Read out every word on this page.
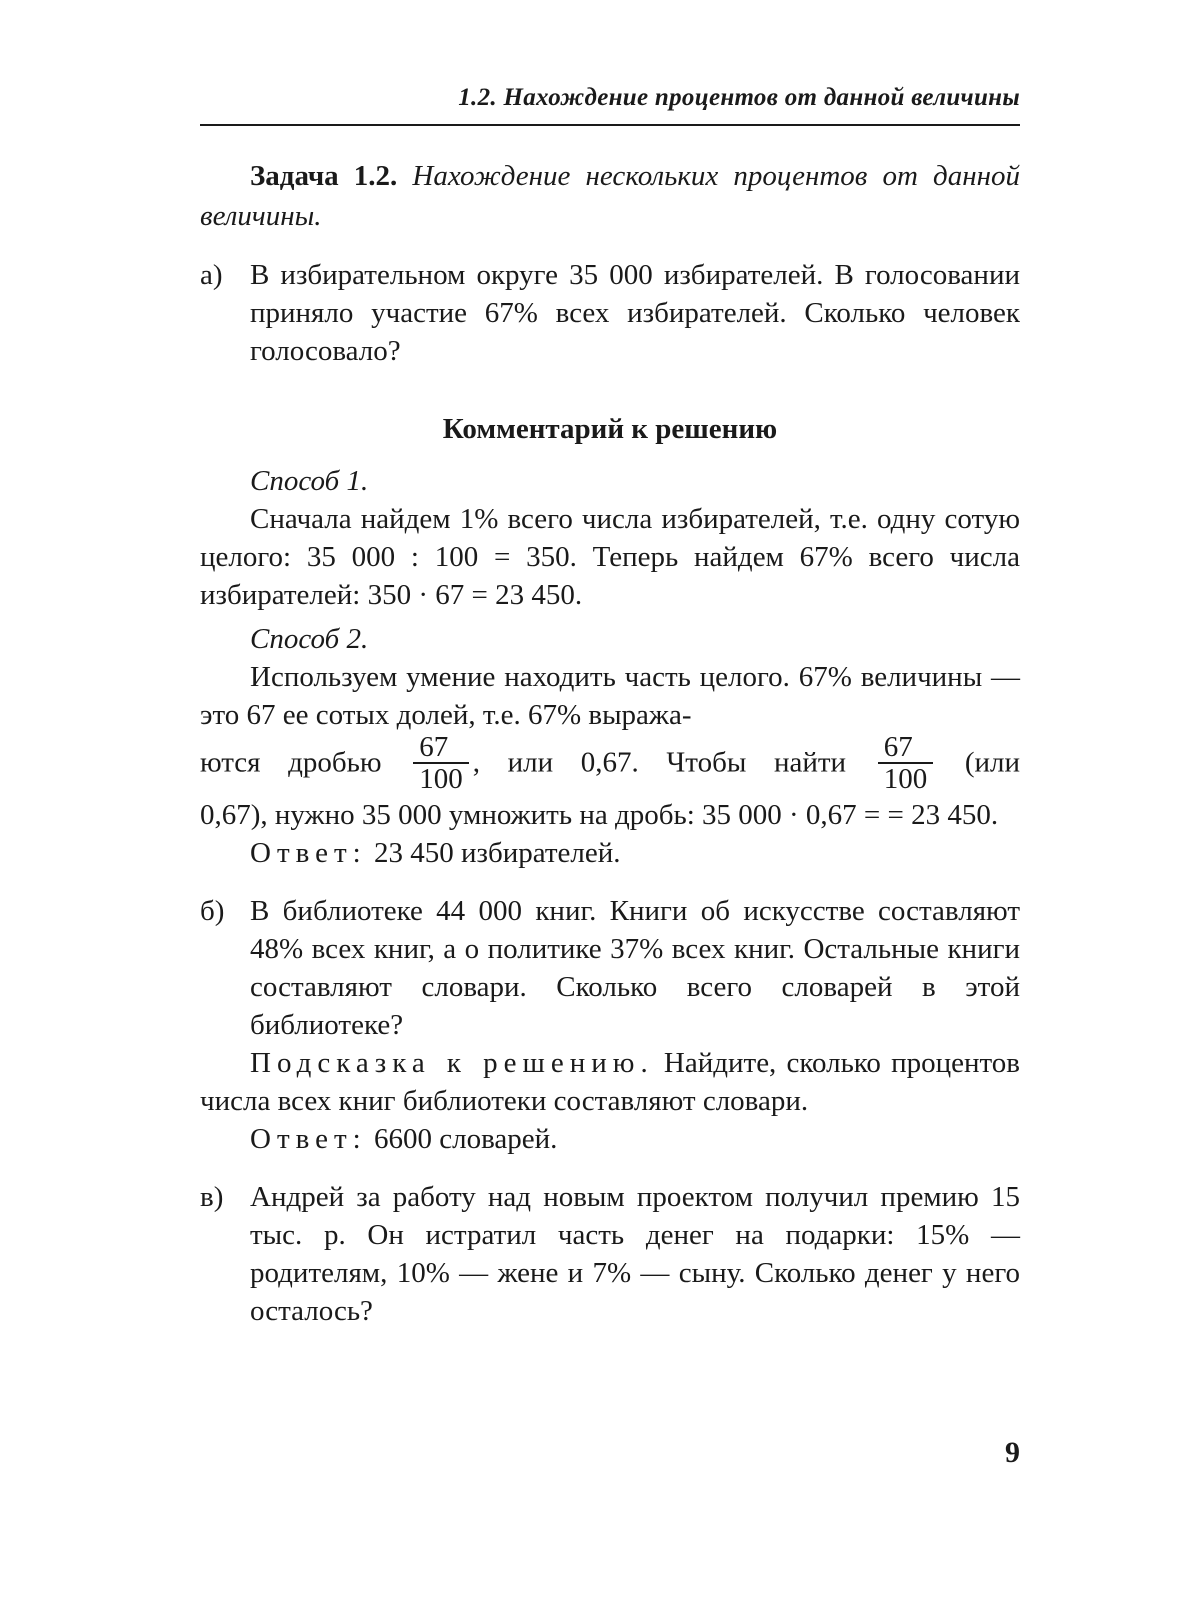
1.2. Нахождение процентов от данной величины

Задача 1.2. Нахождение нескольких процентов от данной величины.

а) В избирательном округе 35 000 избирателей. В голосовании приняло участие 67% всех избирателей. Сколько человек голосовало?

Комментарий к решению

Способ 1.

Сначала найдем 1% всего числа избирателей, т.е. одну сотую целого: 35 000 : 100 = 350. Теперь найдем 67% всего числа избирателей: 350 · 67 = 23 450.

Способ 2.

Используем умение находить часть целого. 67% величины — это 67 ее сотых долей, т.е. 67% выража-

ются дробью $\frac{67}{100}$ , или 0,67. Чтобы найти $\frac{67}{100} (или$

0,67), нужно 35 000 умножить на дробь: 35 000 · 0,67 = = 23 450.

Ответ: 23 450 избирателей.

б) В библиотеке 44 000 книг. Книги об искусстве составляют 48% всех книг, а о политике 37% всех книг. Остальные книги составляют словари. Сколько всего словарей в этой библиотеке?

Подсказка к решению. Найдите, сколько процентов числа всех книг библиотеки составляют словари.

Ответ: 6600 словарей.

в) Андрей за работу над новым проектом получил премию 15 тыс. р. Он истратил часть денег на подарки: 15% — родителям, 10% — жене и 7% — сыну. Сколько денег у него осталось?

9
